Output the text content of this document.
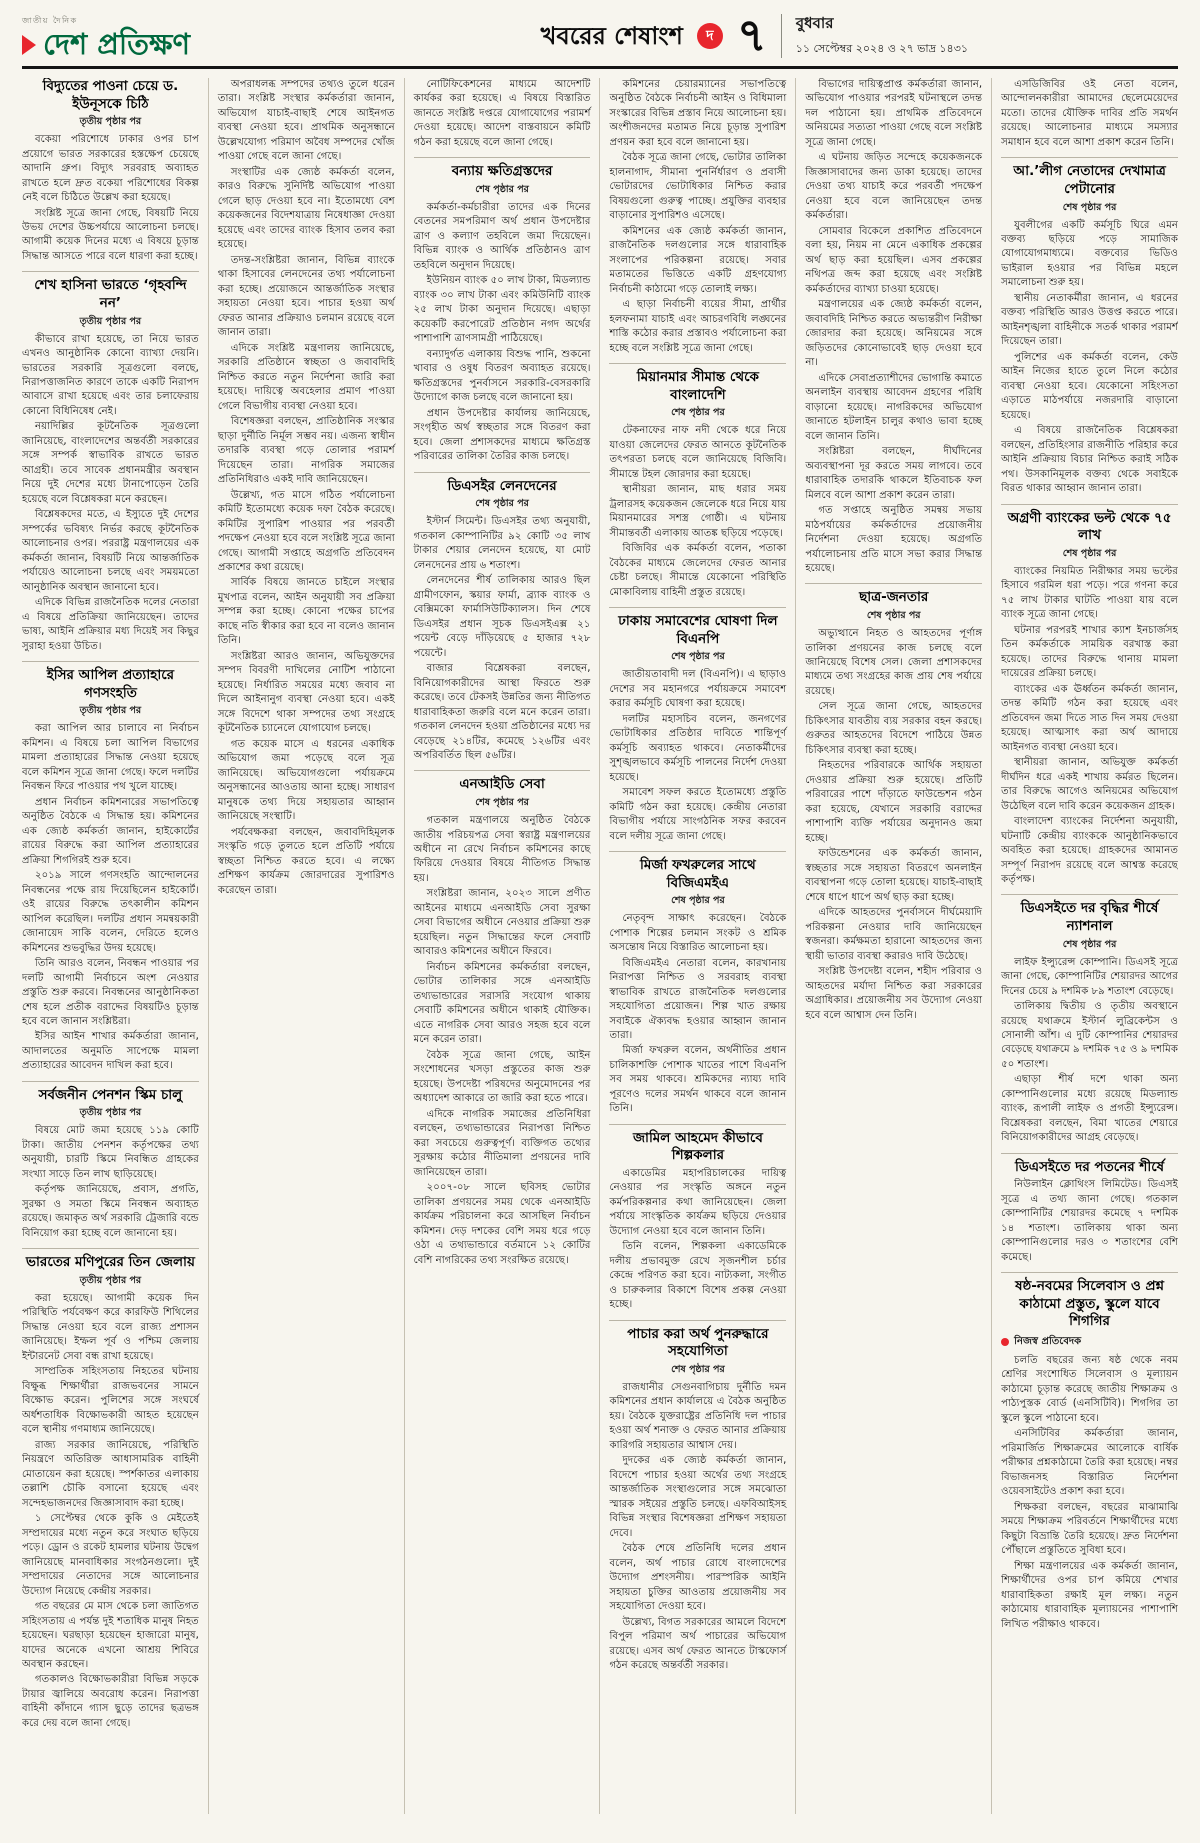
জাতীয় দৈনিক
দেশ প্রতিক্ষণ	খবরের শেষাংশ	দ ৭ বুধবার
১১ সেপ্টেম্বর ২০২৪ ও ২৭ ভাদ্র ১৪৩১
বিদ্যুতের পাওনা চেয়ে ড. ইউনূসকে চিঠি
তৃতীয় পৃষ্ঠার পর
বকেয়া পরিশোধে ঢাকার ওপর চাপ প্রয়োগে ভারত সরকারের হস্তক্ষেপ চেয়েছে আদানি গ্রুপ। বিদ্যুৎ সরবরাহ অব্যাহত রাখতে হলে দ্রুত বকেয়া পরিশোধের বিকল্প নেই বলে চিঠিতে উল্লেখ করা হয়েছে।
সংশ্লিষ্ট সূত্রে জানা গেছে, বিষয়টি নিয়ে উভয় দেশের উচ্চপর্যায়ে আলোচনা চলছে। আগামী কয়েক দিনের মধ্যে এ বিষয়ে চূড়ান্ত সিদ্ধান্ত আসতে পারে বলে ধারণা করা হচ্ছে।
শেখ হাসিনা ভারতে ‘গৃহবন্দি নন’
তৃতীয় পৃষ্ঠার পর
কীভাবে রাখা হয়েছে, তা নিয়ে ভারত এখনও আনুষ্ঠানিক কোনো ব্যাখ্যা দেয়নি। ভারতের সরকারি সূত্রগুলো বলছে, নিরাপত্তাজনিত কারণে তাকে একটি নিরাপদ আবাসে রাখা হয়েছে এবং তার চলাফেরায় কোনো বিধিনিষেধ নেই।
নয়াদিল্লির কূটনৈতিক সূত্রগুলো জানিয়েছে, বাংলাদেশের অন্তর্বর্তী সরকারের সঙ্গে সম্পর্ক স্বাভাবিক রাখতে ভারত আগ্রহী। তবে সাবেক প্রধানমন্ত্রীর অবস্থান নিয়ে দুই দেশের মধ্যে টানাপোড়েন তৈরি হয়েছে বলে বিশ্লেষকরা মনে করছেন।
বিশ্লেষকদের মতে, এ ইস্যুতে দুই দেশের সম্পর্কের ভবিষ্যৎ নির্ভর করছে কূটনৈতিক আলোচনার ওপর। পররাষ্ট্র মন্ত্রণালয়ের এক কর্মকর্তা জানান, বিষয়টি নিয়ে আন্তর্জাতিক পর্যায়েও আলোচনা চলছে এবং সময়মতো আনুষ্ঠানিক অবস্থান জানানো হবে।
এদিকে বিভিন্ন রাজনৈতিক দলের নেতারা এ বিষয়ে প্রতিক্রিয়া জানিয়েছেন। তাদের ভাষ্য, আইনি প্রক্রিয়ার মধ্য দিয়েই সব কিছুর সুরাহা হওয়া উচিত।
ইসির আপিল প্রত্যাহারে গণসংহতি
তৃতীয় পৃষ্ঠার পর
করা আপিল আর চালাবে না নির্বাচন কমিশন। এ বিষয়ে চলা আপিল বিভাগের মামলা প্রত্যাহারের সিদ্ধান্ত নেওয়া হয়েছে বলে কমিশন সূত্রে জানা গেছে। ফলে দলটির নিবন্ধন ফিরে পাওয়ার পথ খুলে যাচ্ছে।
প্রধান নির্বাচন কমিশনারের সভাপতিত্বে অনুষ্ঠিত বৈঠকে এ সিদ্ধান্ত হয়। কমিশনের এক জ্যেষ্ঠ কর্মকর্তা জানান, হাইকোর্টের রায়ের বিরুদ্ধে করা আপিল প্রত্যাহারের প্রক্রিয়া শিগগিরই শুরু হবে।
২০১৯ সালে গণসংহতি আন্দোলনের নিবন্ধনের পক্ষে রায় দিয়েছিলেন হাইকোর্ট। ওই রায়ের বিরুদ্ধে তৎকালীন কমিশন আপিল করেছিল। দলটির প্রধান সমন্বয়কারী জোনায়েদ সাকি বলেন, দেরিতে হলেও কমিশনের শুভবুদ্ধির উদয় হয়েছে।
তিনি আরও বলেন, নিবন্ধন পাওয়ার পর দলটি আগামী নির্বাচনে অংশ নেওয়ার প্রস্তুতি শুরু করবে। নিবন্ধনের আনুষ্ঠানিকতা শেষ হলে প্রতীক বরাদ্দের বিষয়টিও চূড়ান্ত হবে বলে জানান সংশ্লিষ্টরা।
ইসির আইন শাখার কর্মকর্তারা জানান, আদালতের অনুমতি সাপেক্ষে মামলা প্রত্যাহারের আবেদন দাখিল করা হবে।
সর্বজনীন পেনশন স্কিম চালু
তৃতীয় পৃষ্ঠার পর
বিষয়ে মোট জমা হয়েছে ১১৯ কোটি টাকা। জাতীয় পেনশন কর্তৃপক্ষের তথ্য অনুযায়ী, চারটি স্কিমে নিবন্ধিত গ্রাহকের সংখ্যা সাড়ে তিন লাখ ছাড়িয়েছে।
কর্তৃপক্ষ জানিয়েছে, প্রবাস, প্রগতি, সুরক্ষা ও সমতা স্কিমে নিবন্ধন অব্যাহত রয়েছে। জমাকৃত অর্থ সরকারি ট্রেজারি বন্ডে বিনিয়োগ করা হচ্ছে বলে জানানো হয়।
ভারতের মণিপুরের তিন জেলায়
তৃতীয় পৃষ্ঠার পর
করা হয়েছে। আগামী কয়েক দিন পরিস্থিতি পর্যবেক্ষণ করে কারফিউ শিথিলের সিদ্ধান্ত নেওয়া হবে বলে রাজ্য প্রশাসন জানিয়েছে। ইম্ফল পূর্ব ও পশ্চিম জেলায় ইন্টারনেট সেবা বন্ধ রাখা হয়েছে।
সাম্প্রতিক সহিংসতায় নিহতের ঘটনায় বিক্ষুব্ধ শিক্ষার্থীরা রাজভবনের সামনে বিক্ষোভ করেন। পুলিশের সঙ্গে সংঘর্ষে অর্ধশতাধিক বিক্ষোভকারী আহত হয়েছেন বলে স্থানীয় গণমাধ্যম জানিয়েছে।
রাজ্য সরকার জানিয়েছে, পরিস্থিতি নিয়ন্ত্রণে অতিরিক্ত আধাসামরিক বাহিনী মোতায়েন করা হয়েছে। স্পর্শকাতর এলাকায় তল্লাশি চৌকি বসানো হয়েছে এবং সন্দেহভাজনদের জিজ্ঞাসাবাদ করা হচ্ছে।
১ সেপ্টেম্বর থেকে কুকি ও মেইতেই সম্প্রদায়ের মধ্যে নতুন করে সংঘাত ছড়িয়ে পড়ে। ড্রোন ও রকেট হামলার ঘটনায় উদ্বেগ জানিয়েছে মানবাধিকার সংগঠনগুলো। দুই সম্প্রদায়ের নেতাদের সঙ্গে আলোচনার উদ্যোগ নিয়েছে কেন্দ্রীয় সরকার।
গত বছরের মে মাস থেকে চলা জাতিগত সহিংসতায় এ পর্যন্ত দুই শতাধিক মানুষ নিহত হয়েছেন। ঘরছাড়া হয়েছেন হাজারো মানুষ, যাদের অনেকে এখনো আশ্রয় শিবিরে অবস্থান করছেন।
গতকালও বিক্ষোভকারীরা বিভিন্ন সড়কে টায়ার জ্বালিয়ে অবরোধ করেন। নিরাপত্তা বাহিনী কাঁদানে গ্যাস ছুড়ে তাদের ছত্রভঙ্গ করে দেয় বলে জানা গেছে।
অপরাধলব্ধ সম্পদের তথ্যও তুলে ধরেন তারা। সংশ্লিষ্ট সংস্থার কর্মকর্তারা জানান, অভিযোগ যাচাই-বাছাই শেষে আইনগত ব্যবস্থা নেওয়া হবে। প্রাথমিক অনুসন্ধানে উল্লেখযোগ্য পরিমাণ অবৈধ সম্পদের খোঁজ পাওয়া গেছে বলে জানা গেছে।
সংস্থাটির এক জ্যেষ্ঠ কর্মকর্তা বলেন, কারও বিরুদ্ধে সুনির্দিষ্ট অভিযোগ পাওয়া গেলে ছাড় দেওয়া হবে না। ইতোমধ্যে বেশ কয়েকজনের বিদেশযাত্রায় নিষেধাজ্ঞা দেওয়া হয়েছে এবং তাদের ব্যাংক হিসাব তলব করা হয়েছে।
তদন্ত-সংশ্লিষ্টরা জানান, বিভিন্ন ব্যাংকে থাকা হিসাবের লেনদেনের তথ্য পর্যালোচনা করা হচ্ছে। প্রয়োজনে আন্তর্জাতিক সংস্থার সহায়তা নেওয়া হবে। পাচার হওয়া অর্থ ফেরত আনার প্রক্রিয়াও চলমান রয়েছে বলে জানান তারা।
এদিকে সংশ্লিষ্ট মন্ত্রণালয় জানিয়েছে, সরকারি প্রতিষ্ঠানে স্বচ্ছতা ও জবাবদিহি নিশ্চিত করতে নতুন নির্দেশনা জারি করা হয়েছে। দায়িত্বে অবহেলার প্রমাণ পাওয়া গেলে বিভাগীয় ব্যবস্থা নেওয়া হবে।
বিশেষজ্ঞরা বলছেন, প্রাতিষ্ঠানিক সংস্কার ছাড়া দুর্নীতি নির্মূল সম্ভব নয়। এজন্য স্বাধীন তদারকি ব্যবস্থা গড়ে তোলার পরামর্শ দিয়েছেন তারা। নাগরিক সমাজের প্রতিনিধিরাও একই দাবি জানিয়েছেন।
উল্লেখ্য, গত মাসে গঠিত পর্যালোচনা কমিটি ইতোমধ্যে কয়েক দফা বৈঠক করেছে। কমিটির সুপারিশ পাওয়ার পর পরবর্তী পদক্ষেপ নেওয়া হবে বলে সংশ্লিষ্ট সূত্রে জানা গেছে। আগামী সপ্তাহে অগ্রগতি প্রতিবেদন প্রকাশের কথা রয়েছে।
সার্বিক বিষয়ে জানতে চাইলে সংস্থার মুখপাত্র বলেন, আইন অনুযায়ী সব প্রক্রিয়া সম্পন্ন করা হচ্ছে। কোনো পক্ষের চাপের কাছে নতি স্বীকার করা হবে না বলেও জানান তিনি।
সংশ্লিষ্টরা আরও জানান, অভিযুক্তদের সম্পদ বিবরণী দাখিলের নোটিশ পাঠানো হয়েছে। নির্ধারিত সময়ের মধ্যে জবাব না দিলে আইনানুগ ব্যবস্থা নেওয়া হবে। একই সঙ্গে বিদেশে থাকা সম্পদের তথ্য সংগ্রহে কূটনৈতিক চ্যানেলে যোগাযোগ চলছে।
গত কয়েক মাসে এ ধরনের একাধিক অভিযোগ জমা পড়েছে বলে সূত্র জানিয়েছে। অভিযোগগুলো পর্যায়ক্রমে অনুসন্ধানের আওতায় আনা হচ্ছে। সাধারণ মানুষকে তথ্য দিয়ে সহায়তার আহ্বান জানিয়েছে সংস্থাটি।
পর্যবেক্ষকরা বলছেন, জবাবদিহিমূলক সংস্কৃতি গড়ে তুলতে হলে প্রতিটি পর্যায়ে স্বচ্ছতা নিশ্চিত করতে হবে। এ লক্ষ্যে প্রশিক্ষণ কার্যক্রম জোরদারের সুপারিশও করেছেন তারা।
নোটিফিকেশনের মাধ্যমে আদেশটি কার্যকর করা হয়েছে। এ বিষয়ে বিস্তারিত জানতে সংশ্লিষ্ট দপ্তরে যোগাযোগের পরামর্শ দেওয়া হয়েছে। আদেশ বাস্তবায়নে কমিটি গঠন করা হয়েছে বলে জানা গেছে।
বন্যায় ক্ষতিগ্রস্তদের
শেষ পৃষ্ঠার পর
কর্মকর্তা-কর্মচারীরা তাদের এক দিনের বেতনের সমপরিমাণ অর্থ প্রধান উপদেষ্টার ত্রাণ ও কল্যাণ তহবিলে জমা দিয়েছেন। বিভিন্ন ব্যাংক ও আর্থিক প্রতিষ্ঠানও ত্রাণ তহবিলে অনুদান দিয়েছে।
ইউনিয়ন ব্যাংক ৫০ লাখ টাকা, মিডল্যান্ড ব্যাংক ৩০ লাখ টাকা এবং কমিউনিটি ব্যাংক ২৫ লাখ টাকা অনুদান দিয়েছে। এছাড়া কয়েকটি করপোরেট প্রতিষ্ঠান নগদ অর্থের পাশাপাশি ত্রাণসামগ্রী পাঠিয়েছে।
বন্যাদুর্গত এলাকায় বিশুদ্ধ পানি, শুকনো খাবার ও ওষুধ বিতরণ অব্যাহত রয়েছে। ক্ষতিগ্রস্তদের পুনর্বাসনে সরকারি-বেসরকারি উদ্যোগে কাজ চলছে বলে জানানো হয়।
প্রধান উপদেষ্টার কার্যালয় জানিয়েছে, সংগৃহীত অর্থ স্বচ্ছতার সঙ্গে বিতরণ করা হবে। জেলা প্রশাসকদের মাধ্যমে ক্ষতিগ্রস্ত পরিবারের তালিকা তৈরির কাজ চলছে।
ডিএসইর লেনদেনের
শেষ পৃষ্ঠার পর
ইস্টার্ন সিমেন্ট। ডিএসইর তথ্য অনুযায়ী, গতকাল কোম্পানিটির ৯২ কোটি ৩৫ লাখ টাকার শেয়ার লেনদেন হয়েছে, যা মোট লেনদেনের প্রায় ৬ শতাংশ।
লেনদেনের শীর্ষ তালিকায় আরও ছিল গ্রামীণফোন, স্কয়ার ফার্মা, ব্র্যাক ব্যাংক ও বেক্সিমকো ফার্মাসিউটিক্যালস। দিন শেষে ডিএসইর প্রধান সূচক ডিএসইএক্স ২১ পয়েন্ট বেড়ে দাঁড়িয়েছে ৫ হাজার ৭২৮ পয়েন্টে।
বাজার বিশ্লেষকরা বলছেন, বিনিয়োগকারীদের আস্থা ফিরতে শুরু করেছে। তবে টেকসই উন্নতির জন্য নীতিগত ধারাবাহিকতা জরুরি বলে মনে করেন তারা। গতকাল লেনদেন হওয়া প্রতিষ্ঠানের মধ্যে দর বেড়েছে ২১৪টির, কমেছে ১২৬টির এবং অপরিবর্তিত ছিল ৫৬টির।
এনআইডি সেবা
শেষ পৃষ্ঠার পর
গতকাল মন্ত্রণালয়ে অনুষ্ঠিত বৈঠকে জাতীয় পরিচয়পত্র সেবা স্বরাষ্ট্র মন্ত্রণালয়ের অধীনে না রেখে নির্বাচন কমিশনের কাছে ফিরিয়ে দেওয়ার বিষয়ে নীতিগত সিদ্ধান্ত হয়।
সংশ্লিষ্টরা জানান, ২০২৩ সালে প্রণীত আইনের মাধ্যমে এনআইডি সেবা সুরক্ষা সেবা বিভাগের অধীনে নেওয়ার প্রক্রিয়া শুরু হয়েছিল। নতুন সিদ্ধান্তের ফলে সেবাটি আবারও কমিশনের অধীনে ফিরবে।
নির্বাচন কমিশনের কর্মকর্তারা বলছেন, ভোটার তালিকার সঙ্গে এনআইডি তথ্যভান্ডারের সরাসরি সংযোগ থাকায় সেবাটি কমিশনের অধীনে থাকাই যৌক্তিক। এতে নাগরিক সেবা আরও সহজ হবে বলে মনে করেন তারা।
বৈঠক সূত্রে জানা গেছে, আইন সংশোধনের খসড়া প্রস্তুতের কাজ শুরু হয়েছে। উপদেষ্টা পরিষদের অনুমোদনের পর অধ্যাদেশ আকারে তা জারি করা হতে পারে।
এদিকে নাগরিক সমাজের প্রতিনিধিরা বলছেন, তথ্যভান্ডারের নিরাপত্তা নিশ্চিত করা সবচেয়ে গুরুত্বপূর্ণ। ব্যক্তিগত তথ্যের সুরক্ষায় কঠোর নীতিমালা প্রণয়নের দাবি জানিয়েছেন তারা।
২০০৭-০৮ সালে ছবিসহ ভোটার তালিকা প্রণয়নের সময় থেকে এনআইডি কার্যক্রম পরিচালনা করে আসছিল নির্বাচন কমিশন। দেড় দশকের বেশি সময় ধরে গড়ে ওঠা এ তথ্যভান্ডারে বর্তমানে ১২ কোটির বেশি নাগরিকের তথ্য সংরক্ষিত রয়েছে।
কমিশনের চেয়ারম্যানের সভাপতিত্বে অনুষ্ঠিত বৈঠকে নির্বাচনী আইন ও বিধিমালা সংস্কারের বিভিন্ন প্রস্তাব নিয়ে আলোচনা হয়। অংশীজনদের মতামত নিয়ে চূড়ান্ত সুপারিশ প্রণয়ন করা হবে বলে জানানো হয়।
বৈঠক সূত্রে জানা গেছে, ভোটার তালিকা হালনাগাদ, সীমানা পুনর্নির্ধারণ ও প্রবাসী ভোটারদের ভোটাধিকার নিশ্চিত করার বিষয়গুলো গুরুত্ব পাচ্ছে। প্রযুক্তির ব্যবহার বাড়ানোর সুপারিশও এসেছে।
কমিশনের এক জ্যেষ্ঠ কর্মকর্তা জানান, রাজনৈতিক দলগুলোর সঙ্গে ধারাবাহিক সংলাপের পরিকল্পনা রয়েছে। সবার মতামতের ভিত্তিতে একটি গ্রহণযোগ্য নির্বাচনী কাঠামো গড়ে তোলাই লক্ষ্য।
এ ছাড়া নির্বাচনী ব্যয়ের সীমা, প্রার্থীর হলফনামা যাচাই এবং আচরণবিধি লঙ্ঘনের শাস্তি কঠোর করার প্রস্তাবও পর্যালোচনা করা হচ্ছে বলে সংশ্লিষ্ট সূত্রে জানা গেছে।
মিয়ানমার সীমান্ত থেকে বাংলাদেশি
শেষ পৃষ্ঠার পর
টেকনাফের নাফ নদী থেকে ধরে নিয়ে যাওয়া জেলেদের ফেরত আনতে কূটনৈতিক তৎপরতা চলছে বলে জানিয়েছে বিজিবি। সীমান্তে টহল জোরদার করা হয়েছে।
স্থানীয়রা জানান, মাছ ধরার সময় ট্রলারসহ কয়েকজন জেলেকে ধরে নিয়ে যায় মিয়ানমারের সশস্ত্র গোষ্ঠী। এ ঘটনায় সীমান্তবর্তী এলাকায় আতঙ্ক ছড়িয়ে পড়েছে।
বিজিবির এক কর্মকর্তা বলেন, পতাকা বৈঠকের মাধ্যমে জেলেদের ফেরত আনার চেষ্টা চলছে। সীমান্তে যেকোনো পরিস্থিতি মোকাবিলায় বাহিনী প্রস্তুত রয়েছে।
ঢাকায় সমাবেশের ঘোষণা দিল বিএনপি
শেষ পৃষ্ঠার পর
জাতীয়তাবাদী দল (বিএনপি)। এ ছাড়াও দেশের সব মহানগরে পর্যায়ক্রমে সমাবেশ করার কর্মসূচি ঘোষণা করা হয়েছে।
দলটির মহাসচিব বলেন, জনগণের ভোটাধিকার প্রতিষ্ঠার দাবিতে শান্তিপূর্ণ কর্মসূচি অব্যাহত থাকবে। নেতাকর্মীদের সুশৃঙ্খলভাবে কর্মসূচি পালনের নির্দেশ দেওয়া হয়েছে।
সমাবেশ সফল করতে ইতোমধ্যে প্রস্তুতি কমিটি গঠন করা হয়েছে। কেন্দ্রীয় নেতারা বিভাগীয় পর্যায়ে সাংগঠনিক সফর করবেন বলে দলীয় সূত্রে জানা গেছে।
মির্জা ফখরুলের সাথে বিজিএমইএ
শেষ পৃষ্ঠার পর
নেতৃবৃন্দ সাক্ষাৎ করেছেন। বৈঠকে পোশাক শিল্পের চলমান সংকট ও শ্রমিক অসন্তোষ নিয়ে বিস্তারিত আলোচনা হয়।
বিজিএমইএ নেতারা বলেন, কারখানায় নিরাপত্তা নিশ্চিত ও সরবরাহ ব্যবস্থা স্বাভাবিক রাখতে রাজনৈতিক দলগুলোর সহযোগিতা প্রয়োজন। শিল্প খাত রক্ষায় সবাইকে ঐক্যবদ্ধ হওয়ার আহ্বান জানান তারা।
মির্জা ফখরুল বলেন, অর্থনীতির প্রধান চালিকাশক্তি পোশাক খাতের পাশে বিএনপি সব সময় থাকবে। শ্রমিকদের ন্যায্য দাবি পূরণেও দলের সমর্থন থাকবে বলে জানান তিনি।
জামিল আহমেদ কীভাবে শিল্পকলার
একাডেমির মহাপরিচালকের দায়িত্ব নেওয়ার পর সংস্কৃতি অঙ্গনে নতুন কর্মপরিকল্পনার কথা জানিয়েছেন। জেলা পর্যায়ে সাংস্কৃতিক কার্যক্রম ছড়িয়ে দেওয়ার উদ্যোগ নেওয়া হবে বলে জানান তিনি।
তিনি বলেন, শিল্পকলা একাডেমিকে দলীয় প্রভাবমুক্ত রেখে সৃজনশীল চর্চার কেন্দ্রে পরিণত করা হবে। নাট্যকলা, সংগীত ও চারুকলার বিকাশে বিশেষ প্রকল্প নেওয়া হচ্ছে।
পাচার করা অর্থ পুনরুদ্ধারে সহযোগিতা
শেষ পৃষ্ঠার পর
রাজধানীর সেগুনবাগিচায় দুর্নীতি দমন কমিশনের প্রধান কার্যালয়ে এ বৈঠক অনুষ্ঠিত হয়। বৈঠকে যুক্তরাষ্ট্রের প্রতিনিধি দল পাচার হওয়া অর্থ শনাক্ত ও ফেরত আনার প্রক্রিয়ায় কারিগরি সহায়তার আশ্বাস দেয়।
দুদকের এক জ্যেষ্ঠ কর্মকর্তা জানান, বিদেশে পাচার হওয়া অর্থের তথ্য সংগ্রহে আন্তর্জাতিক সংস্থাগুলোর সঙ্গে সমঝোতা স্মারক সইয়ের প্রস্তুতি চলছে। এফবিআইসহ বিভিন্ন সংস্থার বিশেষজ্ঞরা প্রশিক্ষণ সহায়তা দেবে।
বৈঠক শেষে প্রতিনিধি দলের প্রধান বলেন, অর্থ পাচার রোধে বাংলাদেশের উদ্যোগ প্রশংসনীয়। পারস্পরিক আইনি সহায়তা চুক্তির আওতায় প্রয়োজনীয় সব সহযোগিতা দেওয়া হবে।
উল্লেখ্য, বিগত সরকারের আমলে বিদেশে বিপুল পরিমাণ অর্থ পাচারের অভিযোগ রয়েছে। এসব অর্থ ফেরত আনতে টাস্কফোর্স গঠন করেছে অন্তর্বর্তী সরকার।
বিভাগের দায়িত্বপ্রাপ্ত কর্মকর্তারা জানান, অভিযোগ পাওয়ার পরপরই ঘটনাস্থলে তদন্ত দল পাঠানো হয়। প্রাথমিক প্রতিবেদনে অনিয়মের সত্যতা পাওয়া গেছে বলে সংশ্লিষ্ট সূত্রে জানা গেছে।
এ ঘটনায় জড়িত সন্দেহে কয়েকজনকে জিজ্ঞাসাবাদের জন্য ডাকা হয়েছে। তাদের দেওয়া তথ্য যাচাই করে পরবর্তী পদক্ষেপ নেওয়া হবে বলে জানিয়েছেন তদন্ত কর্মকর্তারা।
সোমবার বিকেলে প্রকাশিত প্রতিবেদনে বলা হয়, নিয়ম না মেনে একাধিক প্রকল্পের অর্থ ছাড় করা হয়েছিল। এসব প্রকল্পের নথিপত্র জব্দ করা হয়েছে এবং সংশ্লিষ্ট কর্মকর্তাদের ব্যাখ্যা চাওয়া হয়েছে।
মন্ত্রণালয়ের এক জ্যেষ্ঠ কর্মকর্তা বলেন, জবাবদিহি নিশ্চিত করতে অভ্যন্তরীণ নিরীক্ষা জোরদার করা হয়েছে। অনিয়মের সঙ্গে জড়িতদের কোনোভাবেই ছাড় দেওয়া হবে না।
এদিকে সেবাপ্রত্যাশীদের ভোগান্তি কমাতে অনলাইন ব্যবস্থায় আবেদন গ্রহণের পরিধি বাড়ানো হয়েছে। নাগরিকদের অভিযোগ জানাতে হটলাইন চালুর কথাও ভাবা হচ্ছে বলে জানান তিনি।
সংশ্লিষ্টরা বলছেন, দীর্ঘদিনের অব্যবস্থাপনা দূর করতে সময় লাগবে। তবে ধারাবাহিক তদারকি থাকলে ইতিবাচক ফল মিলবে বলে আশা প্রকাশ করেন তারা।
গত সপ্তাহে অনুষ্ঠিত সমন্বয় সভায় মাঠপর্যায়ের কর্মকর্তাদের প্রয়োজনীয় নির্দেশনা দেওয়া হয়েছে। অগ্রগতি পর্যালোচনায় প্রতি মাসে সভা করার সিদ্ধান্ত হয়েছে।
ছাত্র-জনতার
শেষ পৃষ্ঠার পর
অভ্যুত্থানে নিহত ও আহতদের পূর্ণাঙ্গ তালিকা প্রণয়নের কাজ চলছে বলে জানিয়েছে বিশেষ সেল। জেলা প্রশাসকদের মাধ্যমে তথ্য সংগ্রহের কাজ প্রায় শেষ পর্যায়ে রয়েছে।
সেল সূত্রে জানা গেছে, আহতদের চিকিৎসার যাবতীয় ব্যয় সরকার বহন করছে। গুরুতর আহতদের বিদেশে পাঠিয়ে উন্নত চিকিৎসার ব্যবস্থা করা হচ্ছে।
নিহতদের পরিবারকে আর্থিক সহায়তা দেওয়ার প্রক্রিয়া শুরু হয়েছে। প্রতিটি পরিবারের পাশে দাঁড়াতে ফাউন্ডেশন গঠন করা হয়েছে, যেখানে সরকারি বরাদ্দের পাশাপাশি ব্যক্তি পর্যায়ের অনুদানও জমা হচ্ছে।
ফাউন্ডেশনের এক কর্মকর্তা জানান, স্বচ্ছতার সঙ্গে সহায়তা বিতরণে অনলাইন ব্যবস্থাপনা গড়ে তোলা হয়েছে। যাচাই-বাছাই শেষে ধাপে ধাপে অর্থ ছাড় করা হচ্ছে।
এদিকে আহতদের পুনর্বাসনে দীর্ঘমেয়াদি পরিকল্পনা নেওয়ার দাবি জানিয়েছেন স্বজনরা। কর্মক্ষমতা হারানো আহতদের জন্য স্থায়ী ভাতার ব্যবস্থা করারও দাবি উঠেছে।
সংশ্লিষ্ট উপদেষ্টা বলেন, শহীদ পরিবার ও আহতদের মর্যাদা নিশ্চিত করা সরকারের অগ্রাধিকার। প্রয়োজনীয় সব উদ্যোগ নেওয়া হবে বলে আশ্বাস দেন তিনি।
এসডিজিবির ওই নেতা বলেন, আন্দোলনকারীরা আমাদের ছেলেমেয়েদের মতো। তাদের যৌক্তিক দাবির প্রতি সমর্থন রয়েছে। আলোচনার মাধ্যমে সমস্যার সমাধান হবে বলে আশা প্রকাশ করেন তিনি।
আ.’লীগ নেতাদের দেখামাত্র পেটানোর
শেষ পৃষ্ঠার পর
যুবলীগের একটি কর্মসূচি ঘিরে এমন বক্তব্য ছড়িয়ে পড়ে সামাজিক যোগাযোগমাধ্যমে। বক্তব্যের ভিডিও ভাইরাল হওয়ার পর বিভিন্ন মহলে সমালোচনা শুরু হয়।
স্থানীয় নেতাকর্মীরা জানান, এ ধরনের বক্তব্য পরিস্থিতি আরও উত্তপ্ত করতে পারে। আইনশৃঙ্খলা বাহিনীকে সতর্ক থাকার পরামর্শ দিয়েছেন তারা।
পুলিশের এক কর্মকর্তা বলেন, কেউ আইন নিজের হাতে তুলে নিলে কঠোর ব্যবস্থা নেওয়া হবে। যেকোনো সহিংসতা এড়াতে মাঠপর্যায়ে নজরদারি বাড়ানো হয়েছে।
এ বিষয়ে রাজনৈতিক বিশ্লেষকরা বলছেন, প্রতিহিংসার রাজনীতি পরিহার করে আইনি প্রক্রিয়ায় বিচার নিশ্চিত করাই সঠিক পথ। উসকানিমূলক বক্তব্য থেকে সবাইকে বিরত থাকার আহ্বান জানান তারা।
অগ্রণী ব্যাংকের ভল্ট থেকে ৭৫ লাখ
শেষ পৃষ্ঠার পর
ব্যাংকের নিয়মিত নিরীক্ষার সময় ভল্টের হিসাবে গরমিল ধরা পড়ে। পরে গণনা করে ৭৫ লাখ টাকার ঘাটতি পাওয়া যায় বলে ব্যাংক সূত্রে জানা গেছে।
ঘটনার পরপরই শাখার ক্যাশ ইনচার্জসহ তিন কর্মকর্তাকে সাময়িক বরখাস্ত করা হয়েছে। তাদের বিরুদ্ধে থানায় মামলা দায়েরের প্রক্রিয়া চলছে।
ব্যাংকের এক ঊর্ধ্বতন কর্মকর্তা জানান, তদন্ত কমিটি গঠন করা হয়েছে এবং প্রতিবেদন জমা দিতে সাত দিন সময় দেওয়া হয়েছে। আত্মসাৎ করা অর্থ আদায়ে আইনগত ব্যবস্থা নেওয়া হবে।
স্থানীয়রা জানান, অভিযুক্ত কর্মকর্তা দীর্ঘদিন ধরে একই শাখায় কর্মরত ছিলেন। তার বিরুদ্ধে আগেও অনিয়মের অভিযোগ উঠেছিল বলে দাবি করেন কয়েকজন গ্রাহক।
বাংলাদেশ ব্যাংকের নির্দেশনা অনুযায়ী, ঘটনাটি কেন্দ্রীয় ব্যাংককে আনুষ্ঠানিকভাবে অবহিত করা হয়েছে। গ্রাহকদের আমানত সম্পূর্ণ নিরাপদ রয়েছে বলে আশ্বস্ত করেছে কর্তৃপক্ষ।
ডিএসইতে দর বৃদ্ধির শীর্ষে ন্যাশনাল
শেষ পৃষ্ঠার পর
লাইফ ইন্স্যুরেন্স কোম্পানি। ডিএসই সূত্রে জানা গেছে, কোম্পানিটির শেয়ারদর আগের দিনের চেয়ে ৯ দশমিক ৮৯ শতাংশ বেড়েছে।
তালিকায় দ্বিতীয় ও তৃতীয় অবস্থানে রয়েছে যথাক্রমে ইস্টার্ন লুব্রিকেন্টস ও সোনালী আঁশ। এ দুটি কোম্পানির শেয়ারদর বেড়েছে যথাক্রমে ৯ দশমিক ৭৫ ও ৯ দশমিক ৫০ শতাংশ।
এছাড়া শীর্ষ দশে থাকা অন্য কোম্পানিগুলোর মধ্যে রয়েছে মিডল্যান্ড ব্যাংক, রূপালী লাইফ ও প্রগতী ইন্স্যুরেন্স। বিশ্লেষকরা বলছেন, বিমা খাতের শেয়ারে বিনিয়োগকারীদের আগ্রহ বেড়েছে।
ডিএসইতে দর পতনের শীর্ষে
নিউলাইন ক্লোথিংস লিমিটেড। ডিএসই সূত্রে এ তথ্য জানা গেছে। গতকাল কোম্পানিটির শেয়ারদর কমেছে ৭ দশমিক ১৪ শতাংশ। তালিকায় থাকা অন্য কোম্পানিগুলোর দরও ৩ শতাংশের বেশি কমেছে।
ষষ্ঠ-নবমের সিলেবাস ও প্রশ্ন কাঠামো প্রস্তুত, স্কুলে যাবে শিগগির
নিজস্ব প্রতিবেদক
চলতি বছরের জন্য ষষ্ঠ থেকে নবম শ্রেণির সংশোধিত সিলেবাস ও মূল্যায়ন কাঠামো চূড়ান্ত করেছে জাতীয় শিক্ষাক্রম ও পাঠ্যপুস্তক বোর্ড (এনসিটিবি)। শিগগির তা স্কুলে স্কুলে পাঠানো হবে।
এনসিটিবির কর্মকর্তারা জানান, পরিমার্জিত শিক্ষাক্রমের আলোকে বার্ষিক পরীক্ষার প্রশ্নকাঠামো তৈরি করা হয়েছে। নম্বর বিভাজনসহ বিস্তারিত নির্দেশনা ওয়েবসাইটেও প্রকাশ করা হবে।
শিক্ষকরা বলছেন, বছরের মাঝামাঝি সময়ে শিক্ষাক্রম পরিবর্তনে শিক্ষার্থীদের মধ্যে কিছুটা বিভ্রান্তি তৈরি হয়েছে। দ্রুত নির্দেশনা পৌঁছালে প্রস্তুতিতে সুবিধা হবে।
শিক্ষা মন্ত্রণালয়ের এক কর্মকর্তা জানান, শিক্ষার্থীদের ওপর চাপ কমিয়ে শেখার ধারাবাহিকতা রক্ষাই মূল লক্ষ্য। নতুন কাঠামোয় ধারাবাহিক মূল্যায়নের পাশাপাশি লিখিত পরীক্ষাও থাকবে।
